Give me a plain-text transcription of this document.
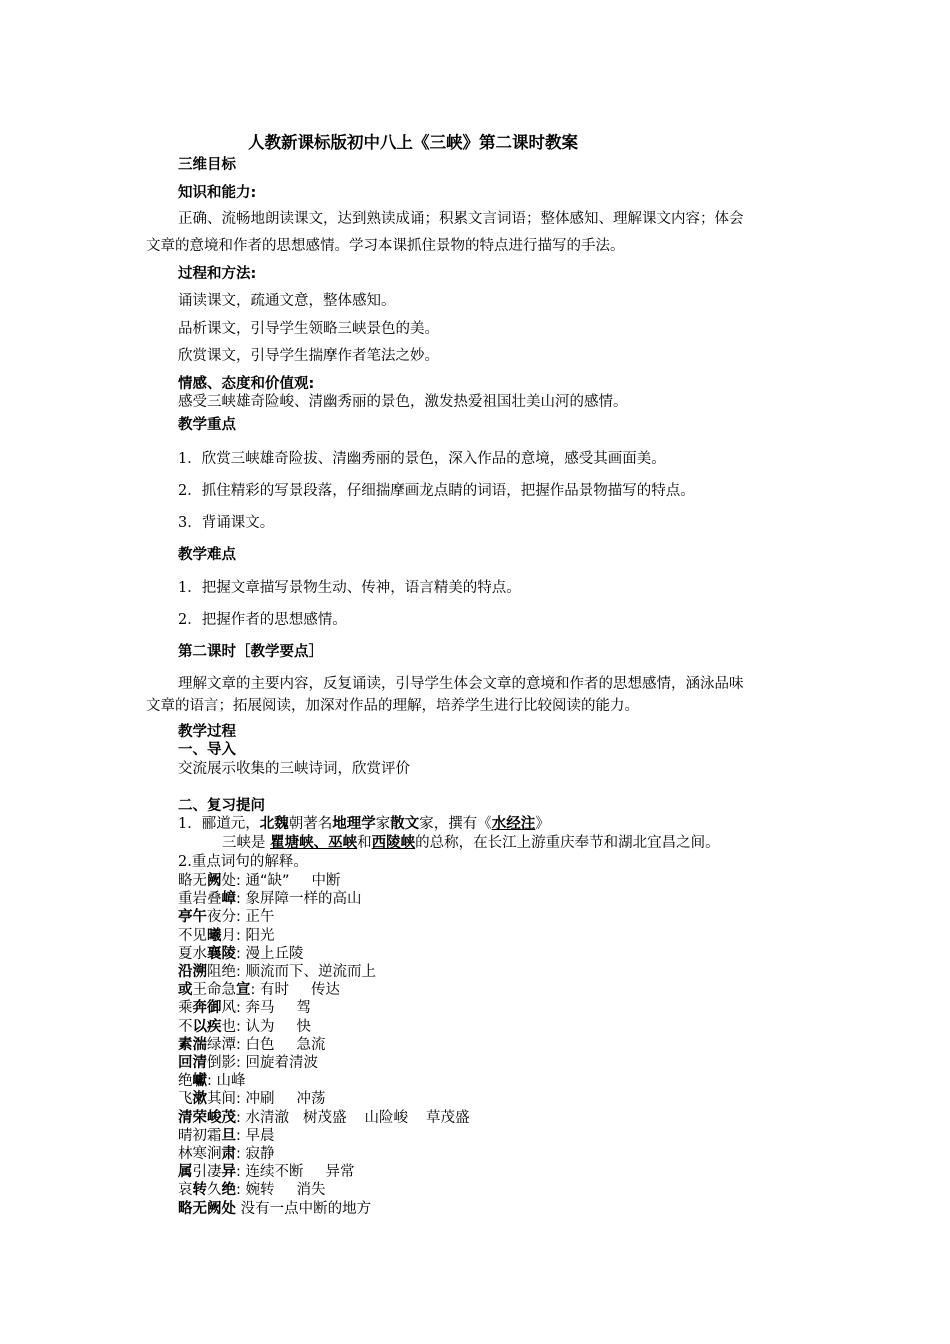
人教新课标版初中八上《三峡》第二课时教案
三维目标
知识和能力:
正确、流畅地朗读课文，达到熟读成诵；积累文言词语；整体感知、理解课文内容；体会
文章的意境和作者的思想感情。学习本课抓住景物的特点进行描写的手法。
过程和方法:
诵读课文，疏通文意，整体感知。
品析课文，引导学生领略三峡景色的美。
欣赏课文，引导学生揣摩作者笔法之妙。
情感、态度和价值观:
感受三峡雄奇险峻、清幽秀丽的景色，激发热爱祖国壮美山河的感情。
教学重点
1．欣赏三峡雄奇险拔、清幽秀丽的景色，深入作品的意境，感受其画面美。
2．抓住精彩的写景段落，仔细揣摩画龙点睛的词语，把握作品景物描写的特点。
3．背诵课文。
教学难点
1．把握文章描写景物生动、传神，语言精美的特点。
2．把握作者的思想感情。
第二课时［教学要点］
理解文章的主要内容，反复诵读，引导学生体会文章的意境和作者的思想感情，涵泳品味
文章的语言；拓展阅读，加深对作品的理解，培养学生进行比较阅读的能力。
教学过程
一、导入
交流展示收集的三峡诗词，欣赏评价
二、复习提问
1．郦道元，北魏朝著名地理学家散文家，撰有《水经注》
三峡是 瞿塘峡、巫峡和西陵峡的总称，在长江上游重庆奉节和湖北宜昌之间。
2.重点词句的解释。
略无阙处: 通“缺” 中断
重岩叠嶂: 象屏障一样的高山
亭午夜分: 正午
不见曦月: 阳光
夏水襄陵: 漫上丘陵
沿溯阻绝: 顺流而下、逆流而上
或王命急宣: 有时 传达
乘奔御风: 奔马 驾
不以疾也: 认为 快
素湍绿潭: 白色 急流
回清倒影: 回旋着清波
绝巘: 山峰
飞漱其间: 冲刷 冲荡
清荣峻茂: 水清澈 树茂盛 山险峻 草茂盛
晴初霜旦: 早晨
林寒涧肃: 寂静
属引凄异: 连续不断 异常
哀转久绝: 婉转 消失
略无阙处 没有一点中断的地方
